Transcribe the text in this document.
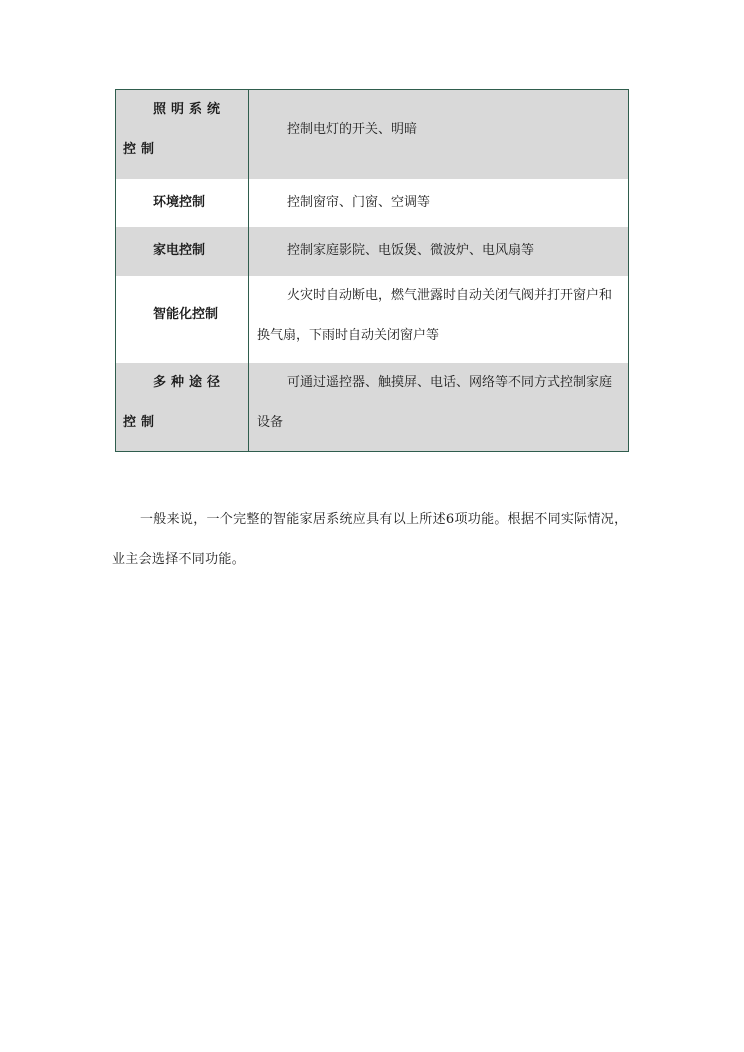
照明系统控制	控制电灯的开关、明暗

环境控制	控制窗帘、门窗、空调等

家电控制	控制家庭影院、电饭煲、微波炉、电风扇等

智能化控制	火灾时自动断电，燃气泄露时自动关闭气阀并打开窗户和换气扇，下雨时自动关闭窗户等

多种途径控制	可通过遥控器、触摸屏、电话、网络等不同方式控制家庭设备

一般来说，一个完整的智能家居系统应具有以上所述6项功能。根据不同实际情况，业主会选择不同功能。
